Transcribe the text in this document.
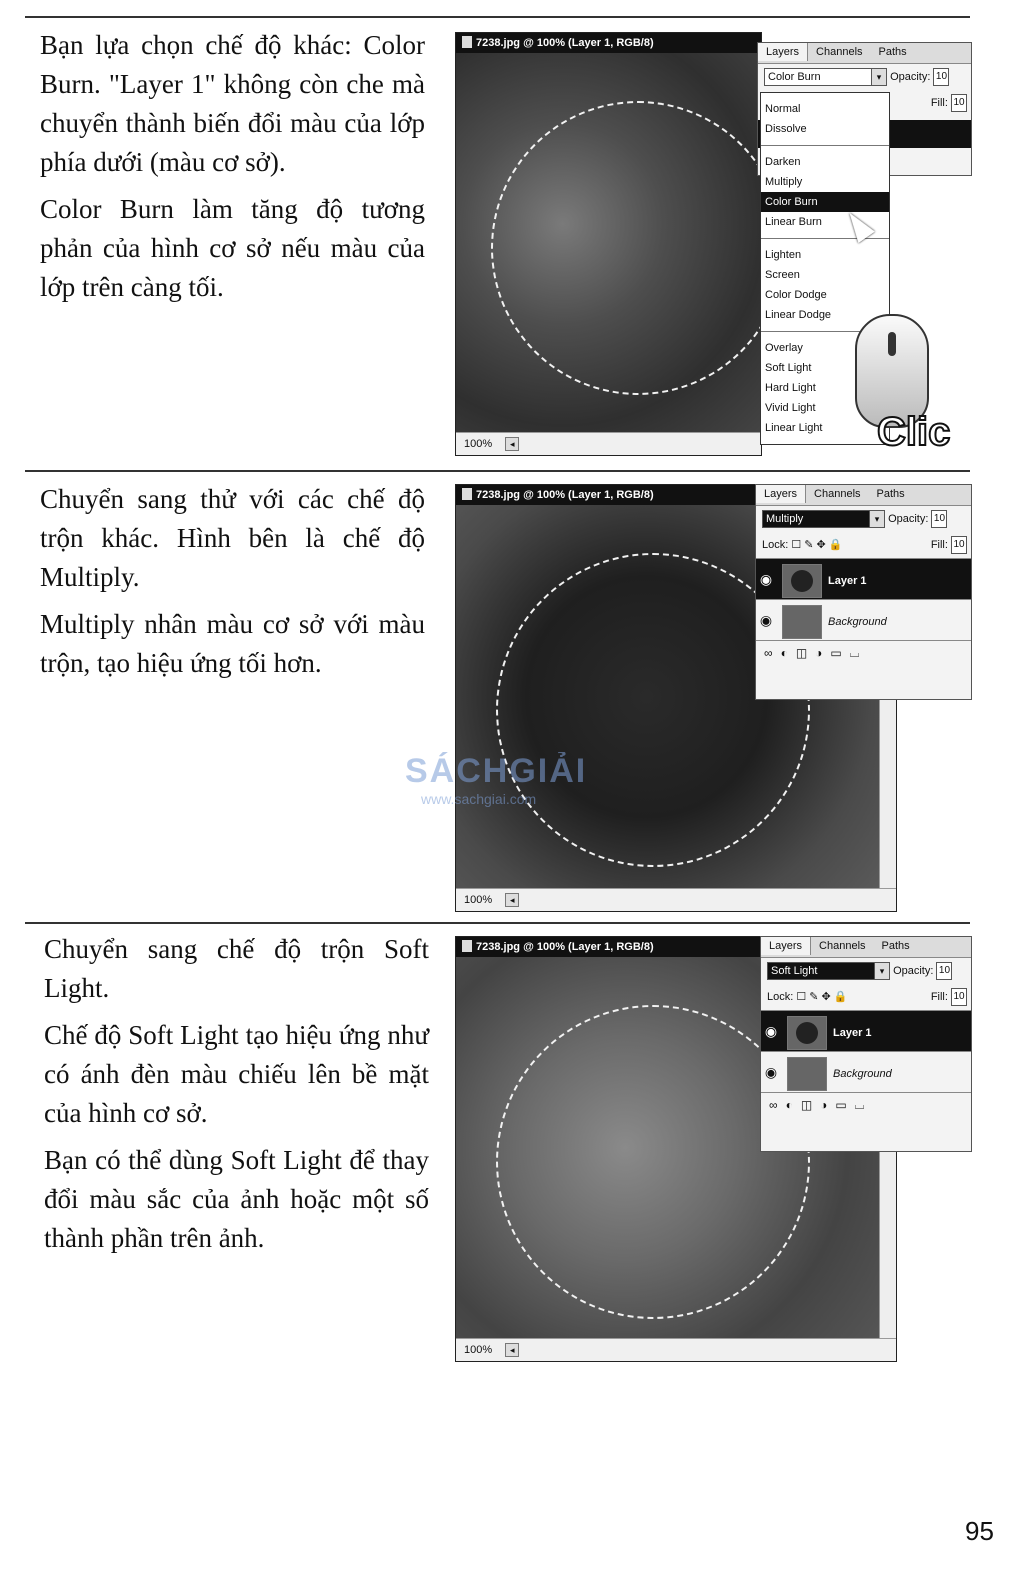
Bạn lựa chọn chế độ khác: Color Burn. "Layer 1" không còn che mà chuyển thành biến đổi màu của lớp phía dưới (màu cơ sở).

Color Burn làm tăng độ tương phản của hình cơ sở nếu màu của lớp trên càng tối.

7238.jpg @ 100% (Layer 1, RGB/8)
100% ◂
Layers Channels Paths
Color Burn	▾ Opacity: 10
Fill: 10
Normal
Dissolve
Darken
Multiply
Color Burn
Linear Burn
Lighten
Screen
Color Dodge
Linear Dodge
Overlay
Soft Light
Hard Light
Vivid Light
Linear Light	Clic

Chuyển sang thử với các chế độ trộn khác. Hình bên là chế độ Multiply.

Multiply nhân màu cơ sở với màu trộn, tạo hiệu ứng tối hơn.

7238.jpg @ 100% (Layer 1, RGB/8)
100% ◂
Layers Channels Paths
Multiply	▾ Opacity: 10
Lock: ☐✎✥🔒	Fill: 10
◉	Layer 1
◉	Background
∞◐◫◑▭⌴
SÁCHGIẢI
www.sachgiai.com

Chuyển sang chế độ trộn Soft Light.

Chế độ Soft Light tạo hiệu ứng như có ánh đèn màu chiếu lên bề mặt của hình cơ sở.

Bạn có thể dùng Soft Light để thay đổi màu sắc của ảnh hoặc một số thành phần trên ảnh.

7238.jpg @ 100% (Layer 1, RGB/8)
100% ◂
Layers Channels Paths
Soft Light	▾ Opacity: 10
Lock: ☐✎✥🔒	Fill: 10
◉	Layer 1
◉	Background
∞◐◫◑▭⌴
95
